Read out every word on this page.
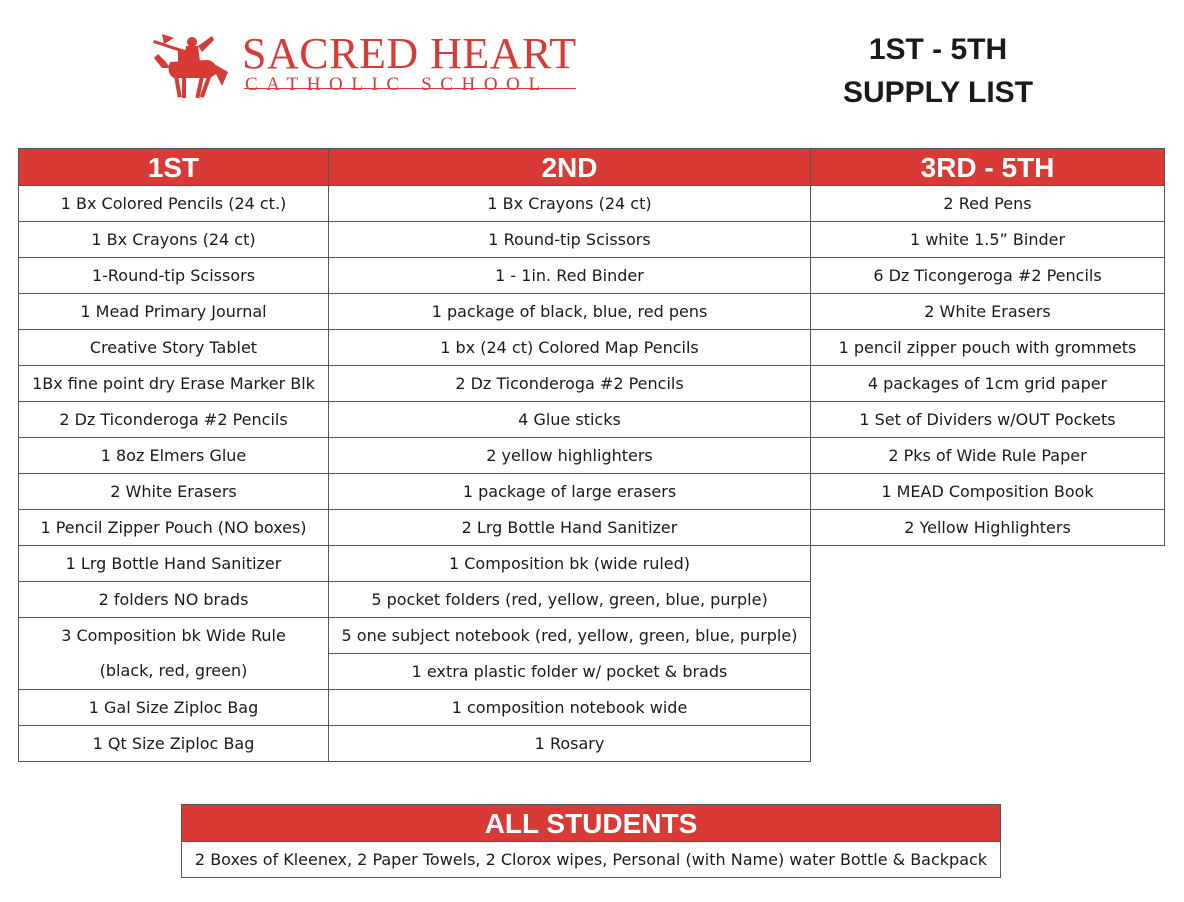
SACRED HEART
CATHOLIC SCHOOL
1ST - 5TH
SUPPLY LIST
1ST
1 Bx Colored Pencils (24 ct.)
1 Bx Crayons (24 ct)
1-Round-tip Scissors
1 Mead Primary Journal
Creative Story Tablet
1Bx fine point dry Erase Marker Blk
2 Dz Ticonderoga #2 Pencils
1 8oz Elmers Glue
2 White Erasers
1 Pencil Zipper Pouch (NO boxes)
1 Lrg Bottle Hand Sanitizer
2 folders NO brads
3 Composition bk Wide Rule
(black, red, green)
1 Gal Size Ziploc Bag
1 Qt Size Ziploc Bag
2ND
1 Bx Crayons (24 ct)
1 Round-tip Scissors
1 - 1in. Red Binder
1 package of black, blue, red pens
1 bx (24 ct) Colored Map Pencils
2 Dz Ticonderoga #2 Pencils
4 Glue sticks
2 yellow highlighters
1 package of large erasers
2 Lrg Bottle Hand Sanitizer
1 Composition bk (wide ruled)
5 pocket folders (red, yellow, green, blue, purple)
5 one subject notebook (red, yellow, green, blue, purple)
1 extra plastic folder w/ pocket & brads
1 composition notebook wide
1 Rosary
3RD - 5TH
2 Red Pens
1 white 1.5” Binder
6 Dz Ticongeroga #2 Pencils
2 White Erasers
1 pencil zipper pouch with grommets
4 packages of 1cm grid paper
1 Set of Dividers w/OUT Pockets
2 Pks of Wide Rule Paper
1 MEAD Composition Book
2 Yellow Highlighters
ALL STUDENTS
2 Boxes of Kleenex, 2 Paper Towels, 2 Clorox wipes, Personal (with Name) water Bottle & Backpack
